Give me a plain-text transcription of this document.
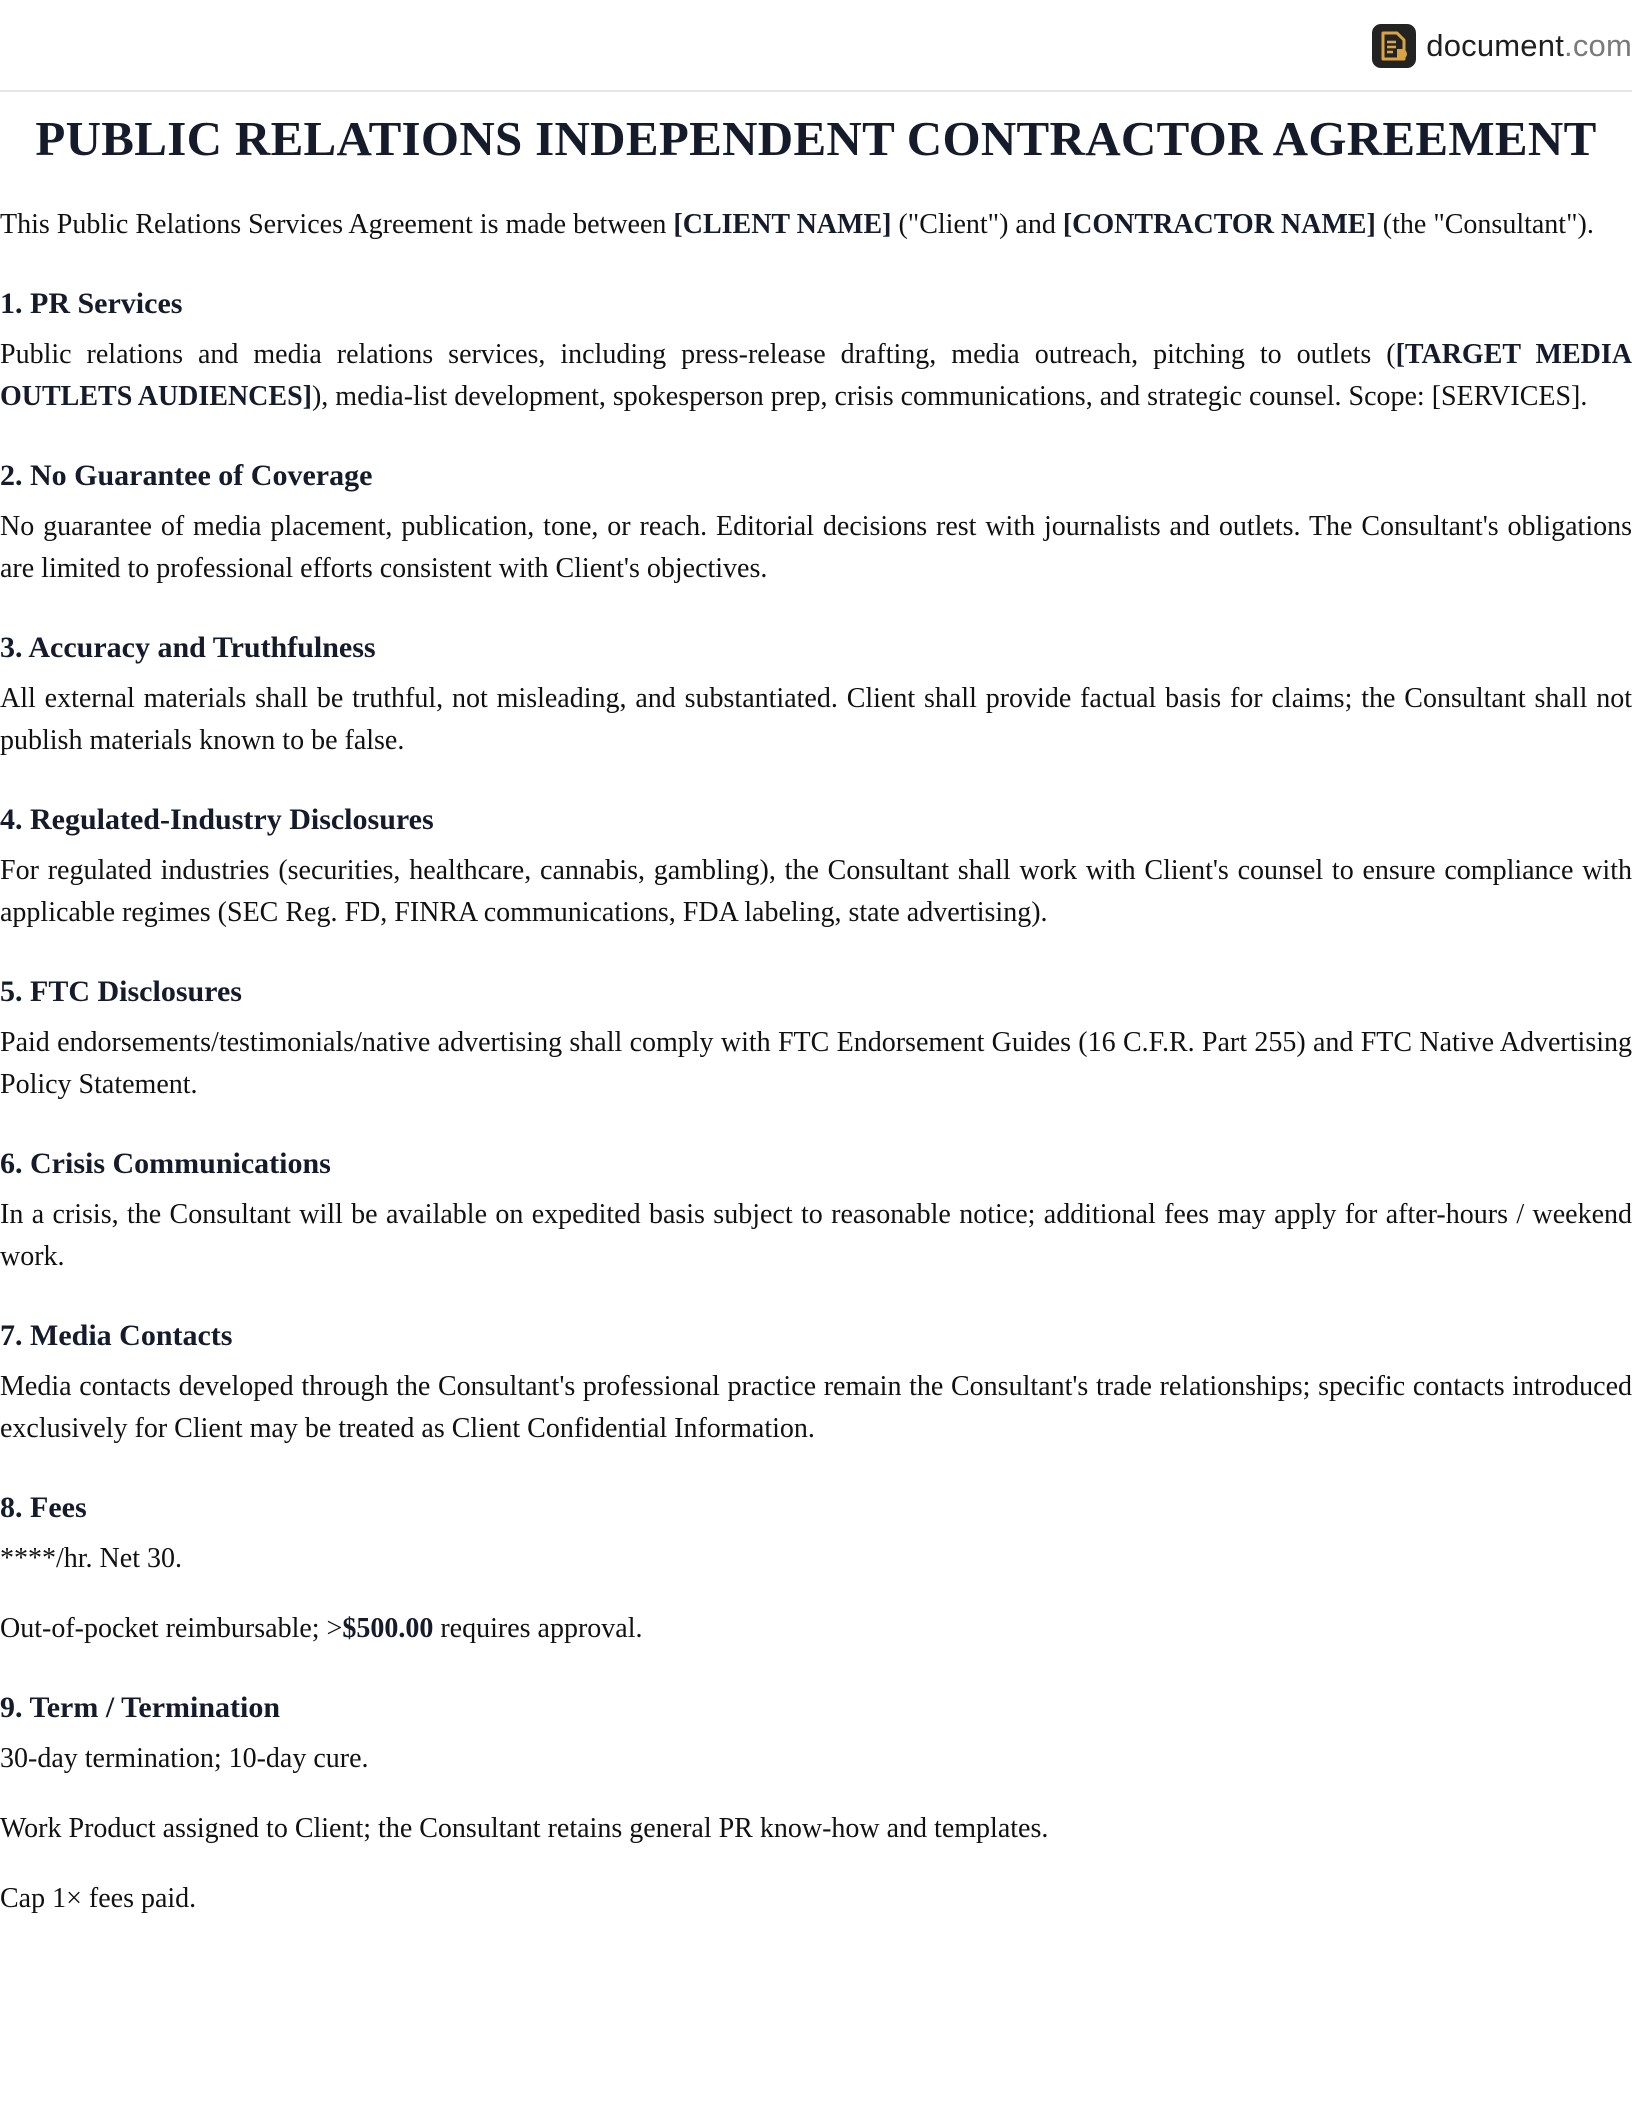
document.com
PUBLIC RELATIONS INDEPENDENT CONTRACTOR AGREEMENT

This Public Relations Services Agreement is made between [CLIENT NAME] ("Client") and [CONTRACTOR NAME] (the "Consultant").

1. PR Services

Public relations and media relations services, including press-release drafting, media outreach, pitching to outlets ([TARGET MEDIA OUTLETS AUDIENCES]), media-list development, spokesperson prep, crisis communications, and strategic counsel. Scope: [SERVICES].

2. No Guarantee of Coverage

No guarantee of media placement, publication, tone, or reach. Editorial decisions rest with journalists and outlets. The Consultant's obligations are limited to professional efforts consistent with Client's objectives.

3. Accuracy and Truthfulness

All external materials shall be truthful, not misleading, and substantiated. Client shall provide factual basis for claims; the Consultant shall not publish materials known to be false.

4. Regulated-Industry Disclosures

For regulated industries (securities, healthcare, cannabis, gambling), the Consultant shall work with Client's counsel to ensure compliance with applicable regimes (SEC Reg. FD, FINRA communications, FDA labeling, state advertising).

5. FTC Disclosures

Paid endorsements/testimonials/native advertising shall comply with FTC Endorsement Guides (16 C.F.R. Part 255) and FTC Native Advertising Policy Statement.

6. Crisis Communications

In a crisis, the Consultant will be available on expedited basis subject to reasonable notice; additional fees may apply for after-hours / weekend work.

7. Media Contacts

Media contacts developed through the Consultant's professional practice remain the Consultant's trade relationships; specific contacts introduced exclusively for Client may be treated as Client Confidential Information.

8. Fees

****/hr. Net 30.

Out-of-pocket reimbursable; >$500.00 requires approval.

9. Term / Termination

30-day termination; 10-day cure.

Work Product assigned to Client; the Consultant retains general PR know-how and templates.

Cap 1× fees paid.
